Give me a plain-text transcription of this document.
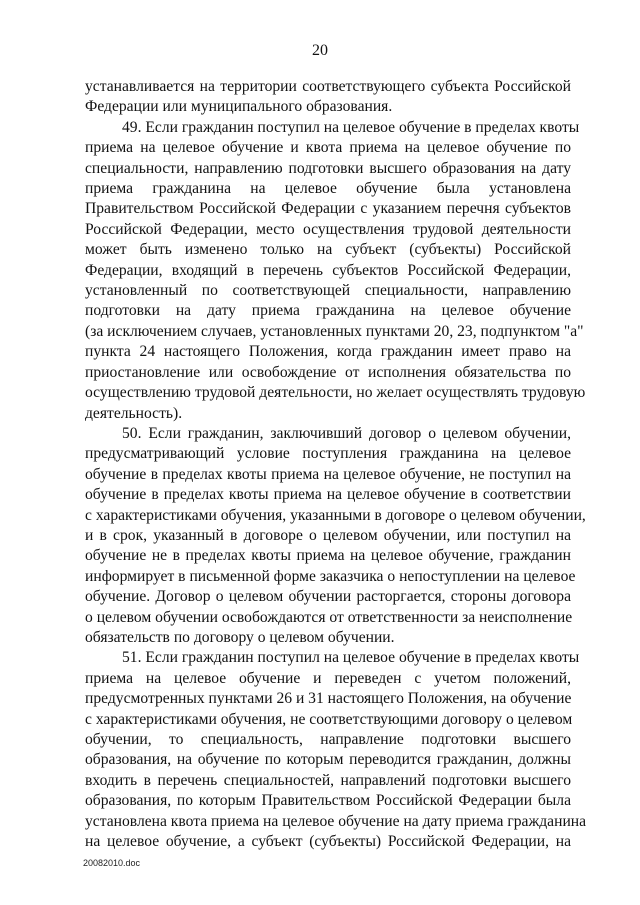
20
устанавливается на территории соответствующего субъекта Российской
Федерации или муниципального образования.
49. Если гражданин поступил на целевое обучение в пределах квоты
приема на целевое обучение и квота приема на целевое обучение по
специальности, направлению подготовки высшего образования на дату
приема гражданина на целевое обучение была установлена
Правительством Российской Федерации с указанием перечня субъектов
Российской Федерации, место осуществления трудовой деятельности
может быть изменено только на субъект (субъекты) Российской
Федерации, входящий в перечень субъектов Российской Федерации,
установленный по соответствующей специальности, направлению
подготовки на дату приема гражданина на целевое обучение
(за исключением случаев, установленных пунктами 20, 23, подпунктом "а"
пункта 24 настоящего Положения, когда гражданин имеет право на
приостановление или освобождение от исполнения обязательства по
осуществлению трудовой деятельности, но желает осуществлять трудовую
деятельность).
50. Если гражданин, заключивший договор о целевом обучении,
предусматривающий условие поступления гражданина на целевое
обучение в пределах квоты приема на целевое обучение, не поступил на
обучение в пределах квоты приема на целевое обучение в соответствии
с характеристиками обучения, указанными в договоре о целевом обучении,
и в срок, указанный в договоре о целевом обучении, или поступил на
обучение не в пределах квоты приема на целевое обучение, гражданин
информирует в письменной форме заказчика о непоступлении на целевое
обучение. Договор о целевом обучении расторгается, стороны договора
о целевом обучении освобождаются от ответственности за неисполнение
обязательств по договору о целевом обучении.
51. Если гражданин поступил на целевое обучение в пределах квоты
приема на целевое обучение и переведен с учетом положений,
предусмотренных пунктами 26 и 31 настоящего Положения, на обучение
с характеристиками обучения, не соответствующими договору о целевом
обучении, то специальность, направление подготовки высшего
образования, на обучение по которым переводится гражданин, должны
входить в перечень специальностей, направлений подготовки высшего
образования, по которым Правительством Российской Федерации была
установлена квота приема на целевое обучение на дату приема гражданина
на целевое обучение, а субъект (субъекты) Российской Федерации, на
20082010.doc
